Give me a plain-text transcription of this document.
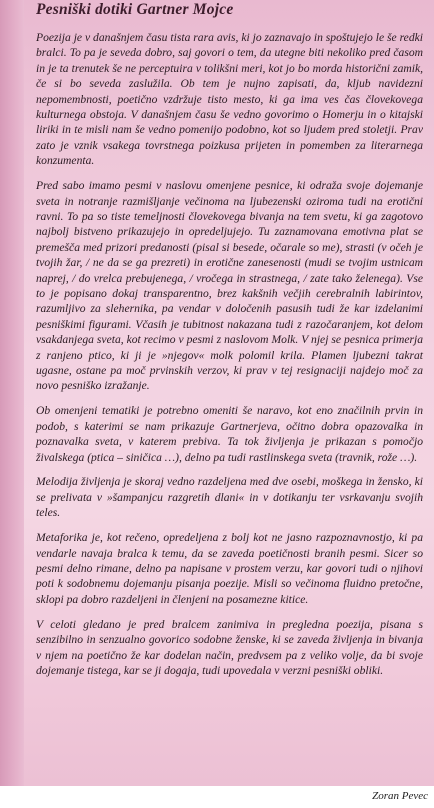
Pesniški dotiki Gartner Mojce

Poezija je v današnjem času tista rara avis, ki jo zaznavajo in spoštujejo le še redki bralci. To pa je seveda dobro, saj govori o tem, da utegne biti nekoliko pred časom in je ta trenutek še ne perceptuira v tolikšni meri, kot jo bo morda historični zamik, če si bo seveda zaslužila. Ob tem je nujno zapisati, da, kljub navidezni nepomembnosti, poetično vzdržuje tisto mesto, ki ga ima ves čas človekovega kulturnega obstoja. V današnjem času še vedno govorimo o Homerju in o kitajski liriki in te misli nam še vedno pomenijo podobno, kot so ljudem pred stoletji. Prav zato je vznik vsakega tovrstnega poizkusa prijeten in pomemben za literarnega konzumenta.

Pred sabo imamo pesmi v naslovu omenjene pesnice, ki odraža svoje dojemanje sveta in notranje razmišljanje večinoma na ljubezenski oziroma tudi na erotični ravni. To pa so tiste temeljnosti človekovega bivanja na tem svetu, ki ga zagotovo najbolj bistveno prikazujejo in opredeljujejo. Tu zaznamovana emotivna plat se premešča med prizori predanosti (pisal si besede, očarale so me), strasti (v očeh je tvojih žar, / ne da se ga prezreti) in erotične zanesenosti (mudi se tvojim ustnicam naprej, / do vrelca prebujenega, / vročega in strastnega, / zate tako želenega). Vse to je popisano dokaj transparentno, brez kakšnih večjih cerebralnih labirintov, razumljivo za slehernika, pa vendar v določenih pasusih tudi že kar izdelanimi pesniškimi figurami. Včasih je tubitnost nakazana tudi z razočaranjem, kot delom vsakdanjega sveta, kot recimo v pesmi z naslovom Molk. V njej se pesnica primerja z ranjeno ptico, ki ji je »njegov« molk polomil krila. Plamen ljubezni takrat ugasne, ostane pa moč prvinskih verzov, ki prav v tej resignaciji najdejo moč za novo pesniško izražanje.

Ob omenjeni tematiki je potrebno omeniti še naravo, kot eno značilnih prvin in podob, s katerimi se nam prikazuje Gartnerjeva, očitno dobra opazovalka in poznavalka sveta, v katerem prebiva. Ta tok življenja je prikazan s pomočjo živalskega (ptica – siničica …), delno pa tudi rastlinskega sveta (travnik, rože …).

Melodija življenja je skoraj vedno razdeljena med dve osebi, moškega in žensko, ki se prelivata v »šampanjcu razgretih dlani« in v dotikanju ter vsrkavanju svojih teles.

Metaforika je, kot rečeno, opredeljena z bolj kot ne jasno razpoznavnostjo, ki pa vendarle navaja bralca k temu, da se zaveda poetičnosti branih pesmi. Sicer so pesmi delno rimane, delno pa napisane v prostem verzu, kar govori tudi o njihovi poti k sodobnemu dojemanju pisanja poezije. Misli so večinoma fluidno pretočne, sklopi pa dobro razdeljeni in členjeni na posamezne kitice.

V celoti gledano je pred bralcem zanimiva in pregledna poezija, pisana s senzibilno in senzualno govorico sodobne ženske, ki se zaveda življenja in bivanja v njem na poetično že kar dodelan način, predvsem pa z veliko volje, da bi svoje dojemanje tistega, kar se ji dogaja, tudi upovedala v verzni pesniški obliki.

Zoran Pevec
